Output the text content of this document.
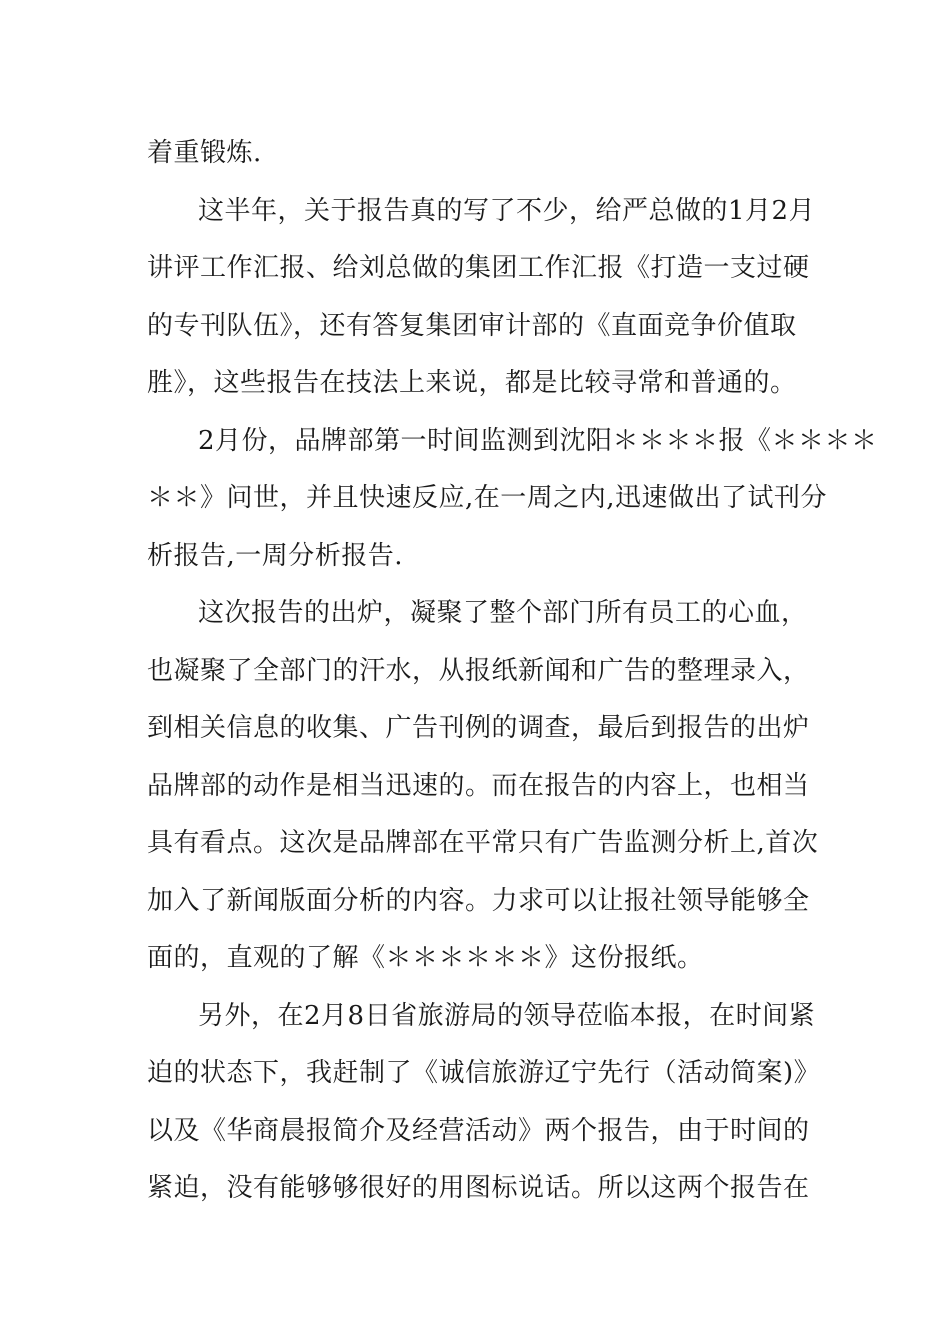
着重锻炼.
这半年，关于报告真的写了不少，给严总做的1月2月
讲评工作汇报、给刘总做的集团工作汇报《打造一支过硬
的专刊队伍》，还有答复集团审计部的《直面竞争价值取
胜》，这些报告在技法上来说，都是比较寻常和普通的。
2月份，品牌部第一时间监测到沈阳＊＊＊＊报《＊＊＊＊
＊＊》问世，并且快速反应,在一周之内,迅速做出了试刊分
析报告,一周分析报告.
这次报告的出炉，凝聚了整个部门所有员工的心血，
也凝聚了全部门的汗水，从报纸新闻和广告的整理录入，
到相关信息的收集、广告刊例的调查，最后到报告的出炉
品牌部的动作是相当迅速的。而在报告的内容上，也相当
具有看点。这次是品牌部在平常只有广告监测分析上,首次
加入了新闻版面分析的内容。力求可以让报社领导能够全
面的，直观的了解《＊＊＊＊＊＊》这份报纸。
另外，在2月8日省旅游局的领导莅临本报，在时间紧
迫的状态下，我赶制了《诚信旅游辽宁先行（活动简案)》
以及《华商晨报简介及经营活动》两个报告，由于时间的
紧迫，没有能够够很好的用图标说话。所以这两个报告在
